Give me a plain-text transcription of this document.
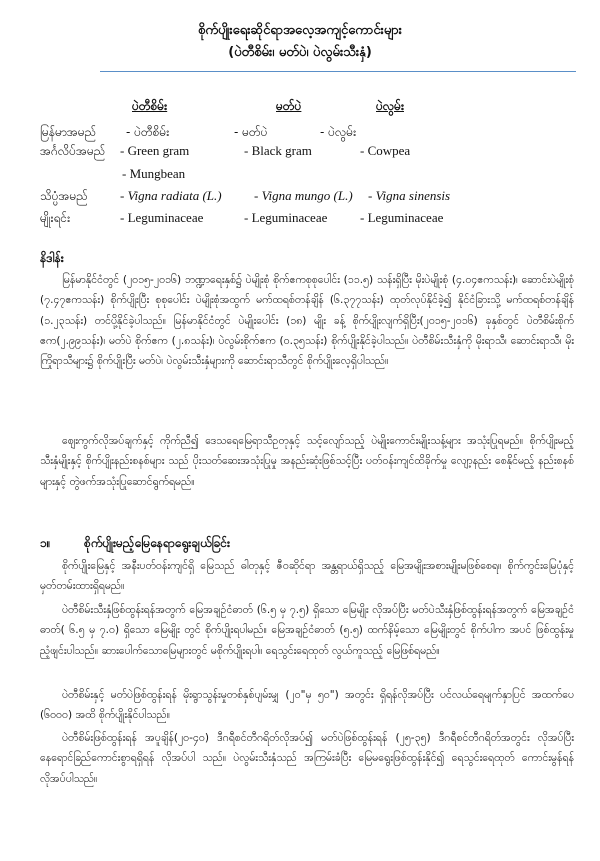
စိုက်ပျိုးရေးဆိုင်ရာအလေ့အကျင့်ကောင်းများ
(ပဲတီစိမ်း၊ မတ်ပဲ၊ ပဲလွမ်းသီးနှံ)
ပဲတီစိမ်း	မတ်ပဲ	ပဲလွမ်း
မြန်မာအမည် - ပဲတီစိမ်း	- မတ်ပဲ	- ပဲလွမ်း
အင်္ဂလိပ်အမည် - Green gram	- Black gram	- Cowpea
- Mungbean
သိပ္ပံအမည် - Vigna radiata (L.) - Vigna mungo (L.) - Vigna sinensis
မျိုးရင်း	- Leguminaceae	- Leguminaceae	- Leguminaceae
နိဒါန်း

မြန်မာနိုင်ငံတွင် (၂၀၁၅-၂၀၁၆) ဘဏ္ဍာရေးနှစ်၌ ပဲမျိုးစုံ စိုက်ဧကစုစုပေါင်း (၁၁.၅) သန်းရှိပြီး မိုးပဲမျိုးစုံ (၄.၀၄ဧကသန်း)၊ ဆောင်းပဲမျိုးစုံ (၇.၄၇ဧကသန်း) စိုက်ပျိုးပြီး စုစုပေါင်း ပဲမျိုးစုံအထွက် မက်ထရစ်တန်ချိန် (၆.၃၇၇သန်း) ထုတ်လုပ်နိုင်ခဲ့၍ နိုင်ငံခြားသို့ မက်ထရစ်တန်ချိန် (၁.၂၃သန်း) တင်ပို့နိုင်ခဲ့ပါသည်။ မြန်မာနိုင်ငံတွင် ပဲမျိုးပေါင်း (၁၈) မျိုး ခန့် စိုက်ပျိုးလျက်ရှိပြီး(၂၀၁၅-၂၀၁၆) ခုနှစ်တွင် ပဲတီစိမ်းစိုက်ဧက(၂.၉၉သန်း)၊ မတ်ပဲ စိုက်ဧက (၂.၈သန်း)၊ ပဲလွမ်းစိုက်ဧက (၀.၃၅သန်း) စိုက်ပျိုးနိုင်ခဲ့ပါသည်။ ပဲတီစိမ်းသီးနှံကို မိုးရာသီ၊ ဆောင်းရာသီ၊ မိုးကြိုရာသီများ၌ စိုက်ပျိုးပြီး မတ်ပဲ၊ ပဲလွမ်းသီးနှံများကို ဆောင်းရာသီတွင် စိုက်ပျိုးလေ့ရှိပါသည်။

ဈေးကွက်လိုအပ်ချက်နှင့် ကိုက်ညီ၍ ဒေသရေမြေရာသီဥတုနှင့် သင့်လျော်သည့် ပဲမျိုးကောင်းမျိုးသန့်များ အသုံးပြုရမည်။ စိုက်ပျိုးမည့်သီးနှံမျိုးနှင့် စိုက်ပျိုးနည်းစနစ်များ သည် ပိုးသတ်ဆေးအသုံးပြုမှု အနည်းဆုံးဖြစ်သင့်ပြီး ပတ်ဝန်းကျင်ထိခိုက်မှု လျော့နည်း စေနိုင်မည့် နည်းစနစ်များနှင့် တွဲဖက်အသုံးပြုဆောင်ရွက်ရမည်။

၁။	စိုက်ပျိုးမည့်မြေနေရာရွေးချယ်ခြင်း

စိုက်ပျိုးမြေနှင့် အနီးပတ်ဝန်းကျင်ရှိ မြေသည် ဓါတုနှင့် ဇီဝဆိုင်ရာ အန္တရာယ်ရှိသည့် မြေအမျိုးအစားမျိုးမဖြစ်စေရ။ စိုက်ကွင်းမြေပုံနှင့် မှတ်တမ်းထားရှိရမည်။

ပဲတီစိမ်းသီးနှံဖြစ်ထွန်းရန်အတွက် မြေအချဉ်ငံဓာတ် (၆.၅ မှ ၇.၅) ရှိသော မြေမျိုး လိုအပ်ပြီး မတ်ပဲသီးနှံဖြစ်ထွန်းရန်အတွက် မြေအချဉ်ငံဓာတ်( ၆.၅ မှ ၇.၀) ရှိသော မြေမျိုး တွင် စိုက်ပျိုးရပါမည်။ မြေအချဉ်ငံဓာတ် (၅.၅) ထက်နိမ့်သော မြေမျိုးတွင် စိုက်ပါက အပင် ဖြစ်ထွန်းမှု ညံ့ဖျင်းပါသည်။ ဆားပေါက်သောမြေများတွင် မစိုက်ပျိုးရပါ။ ရေသွင်းရေထုတ် လွယ်ကူသည့် မြေဖြစ်ရမည်။

ပဲတီစိမ်းနှင့် မတ်ပဲဖြစ်ထွန်းရန် မိုးရွာသွန်းမှုတစ်နှစ်ပျမ်းမျှ (၂၀"မှ ၅၀") အတွင်း ရှိရန်လိုအပ်ပြီး ပင်လယ်ရေမျက်နှာပြင် အထက်ပေ (၆၀၀၀) အထိ စိုက်ပျိုးနိုင်ပါသည်။

ပဲတီစိမ်းဖြစ်ထွန်းရန် အပူချိန်(၂၀-၄၀) ဒီဂရီစင်တီဂရိတ်လိုအပ်၍ မတ်ပဲဖြစ်ထွန်းရန် (၂၅-၃၅) ဒီဂရီစင်တီဂရိတ်အတွင်း လိုအပ်ပြီး နေရောင်ခြည်ကောင်းစွာရရှိရန် လိုအပ်ပါ သည်။ ပဲလွမ်းသီးနှံသည် အကြမ်းခံပြီး မြေမရွေးဖြစ်ထွန်းနိုင်၍ ရေသွင်းရေထုတ် ကောင်းမွန်ရန် လိုအပ်ပါသည်။
